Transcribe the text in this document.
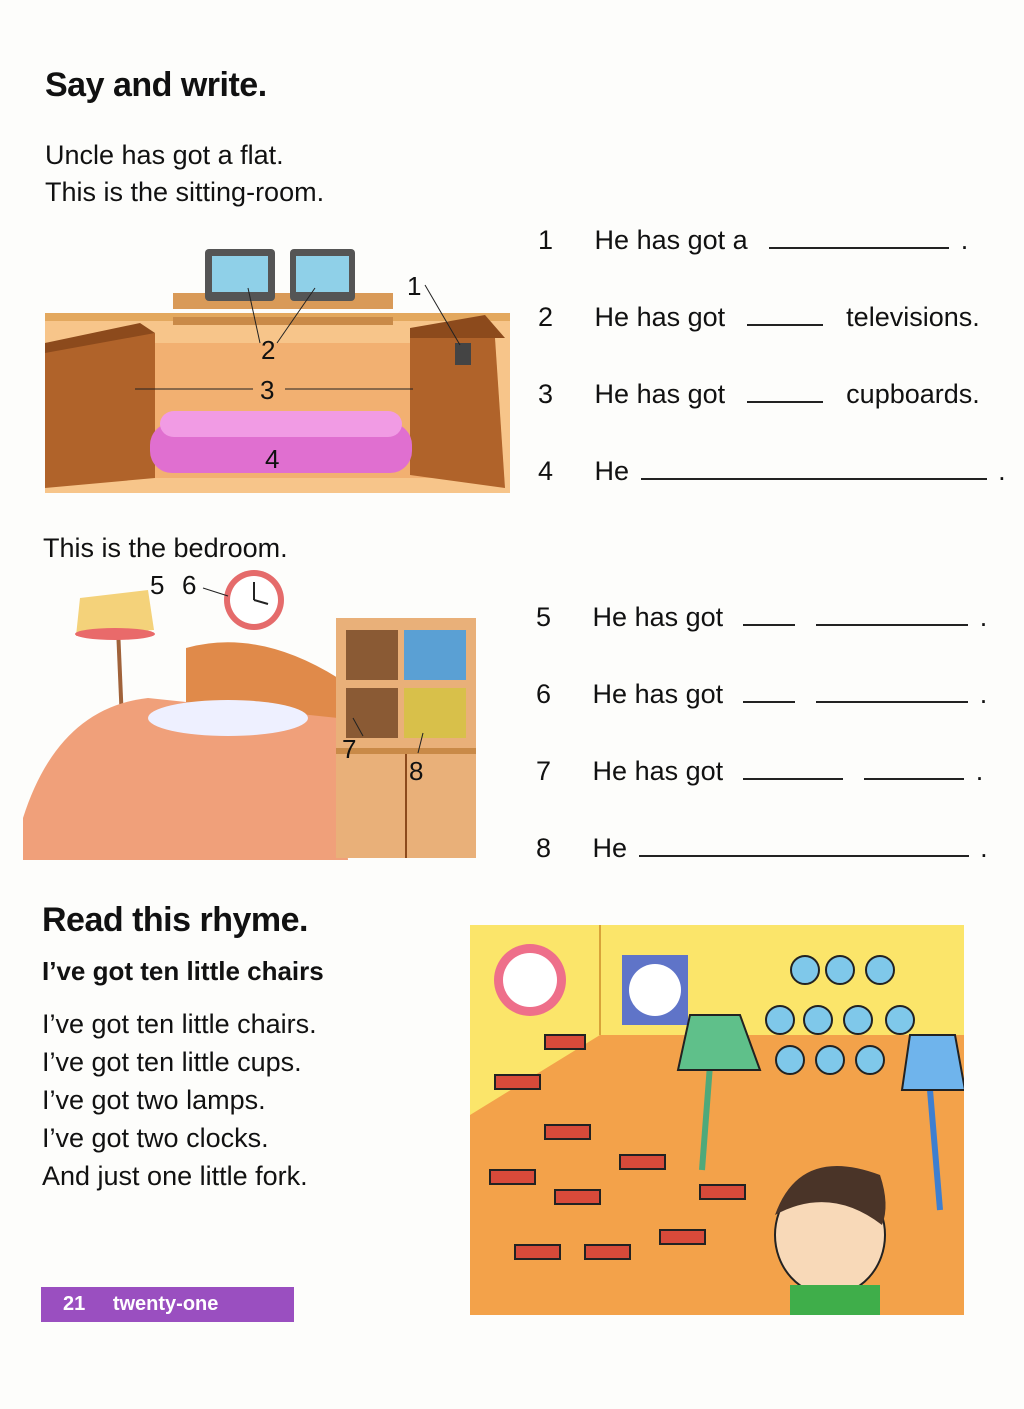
Say and write.
Uncle has got a flat.
This is the sitting-room.
1
2
3
4
This is the bedroom.
5 6
7
8
1 He has got a	.
2 He has got	televisions.
3 He has got	cupboards.
4 He	.
5 He has got	.
6 He has got	.
7 He has got	.
8 He	.
Read this rhyme.
I’ve got ten little chairs
I’ve got ten little chairs.
I’ve got ten little cups.
I’ve got two lamps.
I’ve got two clocks.
And just one little fork.
21 twenty-one
